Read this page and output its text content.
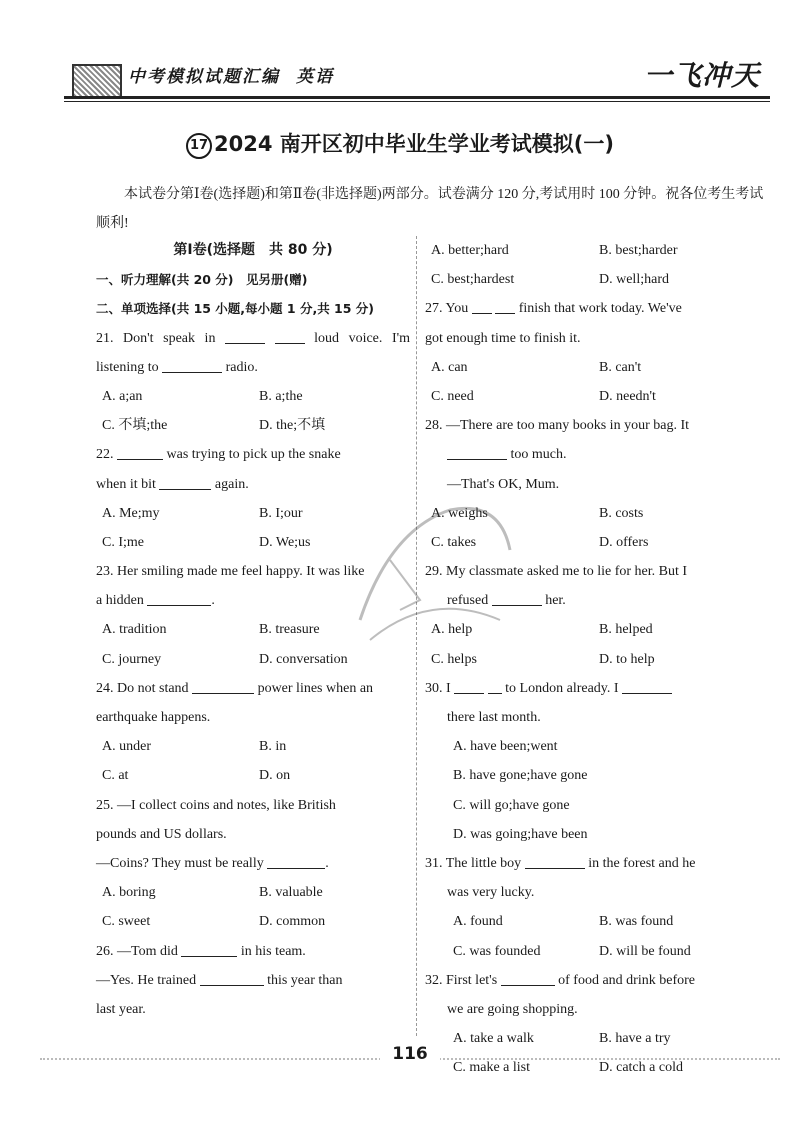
中考模拟试题汇编 英语	一飞冲天
17 2024 南开区初中毕业生学业考试模拟(一)
本试卷分第Ⅰ卷(选择题)和第Ⅱ卷(非选择题)两部分。试卷满分 120 分,考试用时 100 分钟。祝各位考生考试顺利!
第Ⅰ卷(选择题　共 80 分)
一、听力理解(共 20 分)　见另册(赠)
二、单项选择(共 15 小题,每小题 1 分,共 15 分)
21. Don't speak in	loud voice. I'm
listening to	radio.
A. a;an	B. a;the
C. 不填;the	D. the;不填
22.	was trying to pick up the snake
when it bit	again.
A. Me;my	B. I;our
C. I;me	D. We;us
23. Her smiling made me feel happy. It was like
a hidden	.
A. tradition	B. treasure
C. journey	D. conversation
24. Do not stand	power lines when an
earthquake happens.
A. under	B. in
C. at	D. on
25. —I collect coins and notes, like British
pounds and US dollars.
—Coins? They must be really	.
A. boring	B. valuable
C. sweet	D. common
26. —Tom did	in his team.
—Yes. He trained	this year than
last year.
A. better;hard	B. best;harder
C. best;hardest	D. well;hard
27. You	finish that work today. We've
got enough time to finish it.
A. can	B. can't
C. need	D. needn't
28. —There are too many books in your bag. It
too much.
—That's OK, Mum.
A. weighs	B. costs
C. takes	D. offers
29. My classmate asked me to lie for her. But I
refused	her.
A. help	B. helped
C. helps	D. to help
30. I	to London already. I
there last month.
A. have been;went
B. have gone;have gone
C. will go;have gone
D. was going;have been
31. The little boy	in the forest and he
was very lucky.
A. found	B. was found
C. was founded	D. will be found
32. First let's	of food and drink before
we are going shopping.
A. take a walk	B. have a try
C. make a list	D. catch a cold
116
